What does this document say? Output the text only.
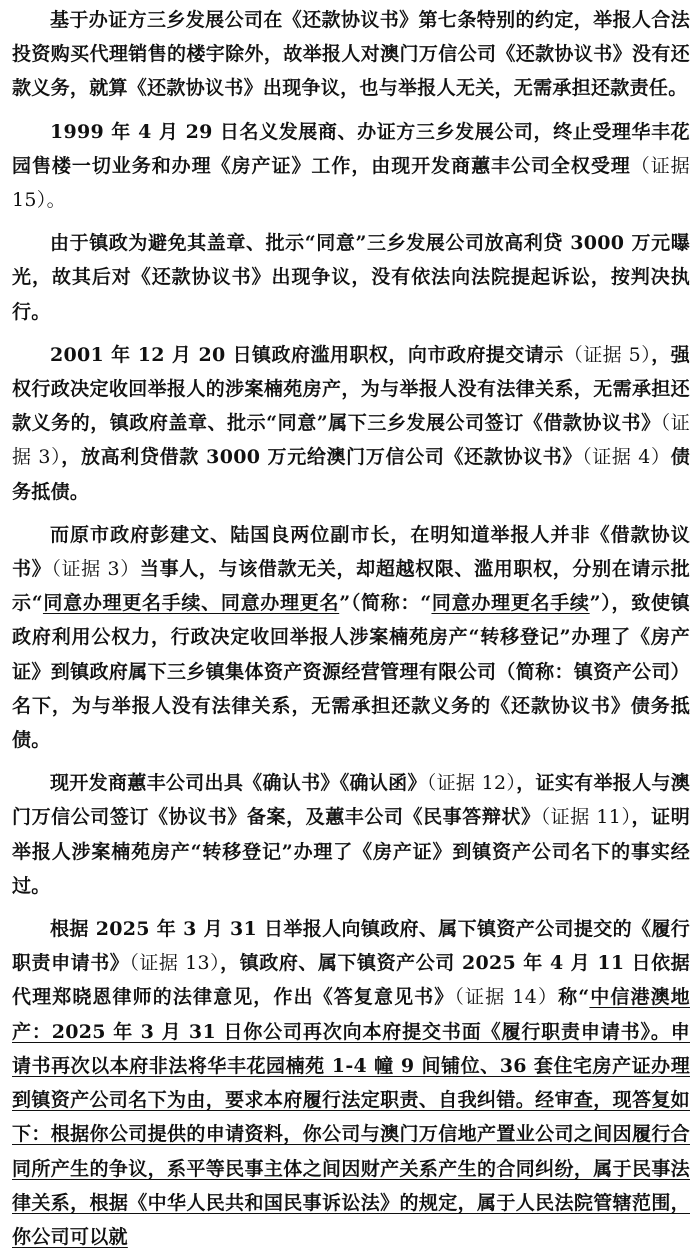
基于办证方三乡发展公司在《还款协议书》第七条特别的约定，举报人合法投资购买代理销售的楼宇除外，故举报人对澳门万信公司《还款协议书》没有还款义务，就算《还款协议书》出现争议，也与举报人无关，无需承担还款责任。

1999 年 4 月 29 日名义发展商、办证方三乡发展公司，终止受理华丰花园售楼一切业务和办理《房产证》工作，由现开发商蕙丰公司全权受理（证据 15）。

由于镇政为避免其盖章、批示“同意”三乡发展公司放高利贷 3000 万元曝光，故其后对《还款协议书》出现争议，没有依法向法院提起诉讼，按判决执行。

2001 年 12 月 20 日镇政府滥用职权，向市政府提交请示（证据 5），强权行政决定收回举报人的涉案楠苑房产，为与举报人没有法律关系，无需承担还款义务的，镇政府盖章、批示“同意”属下三乡发展公司签订《借款协议书》（证据 3），放高利贷借款 3000 万元给澳门万信公司《还款协议书》（证据 4）债务抵债。

而原市政府彭建文、陆国良两位副市长，在明知道举报人并非《借款协议书》（证据 3）当事人，与该借款无关，却超越权限、滥用职权，分别在请示批示“同意办理更名手续、同意办理更名”（简称：“同意办理更名手续”），致使镇政府利用公权力，行政决定收回举报人涉案楠苑房产“转移登记”办理了《房产证》到镇政府属下三乡镇集体资产资源经营管理有限公司（简称：镇资产公司）名下，为与举报人没有法律关系，无需承担还款义务的《还款协议书》债务抵债。

现开发商蕙丰公司出具《确认书》《确认函》（证据 12），证实有举报人与澳门万信公司签订《协议书》备案，及蕙丰公司《民事答辩状》（证据 11），证明举报人涉案楠苑房产“转移登记”办理了《房产证》到镇资产公司名下的事实经过。

根据 2025 年 3 月 31 日举报人向镇政府、属下镇资产公司提交的《履行职责申请书》（证据 13），镇政府、属下镇资产公司 2025 年 4 月 11 日依据代理郑晓恩律师的法律意见，作出《答复意见书》（证据 14）称“中信港澳地产：2025 年 3 月 31 日你公司再次向本府提交书面《履行职责申请书》。申请书再次以本府非法将华丰花园楠苑 1-4 幢 9 间铺位、36 套住宅房产证办理到镇资产公司名下为由，要求本府履行法定职责、自我纠错。经审查，现答复如下：根据你公司提供的申请资料，你公司与澳门万信地产置业公司之间因履行合同所产生的争议，系平等民事主体之间因财产关系产生的合同纠纷，属于民事法律关系，根据《中华人民共和国民事诉讼法》的规定，属于人民法院管辖范围，你公司可以就
